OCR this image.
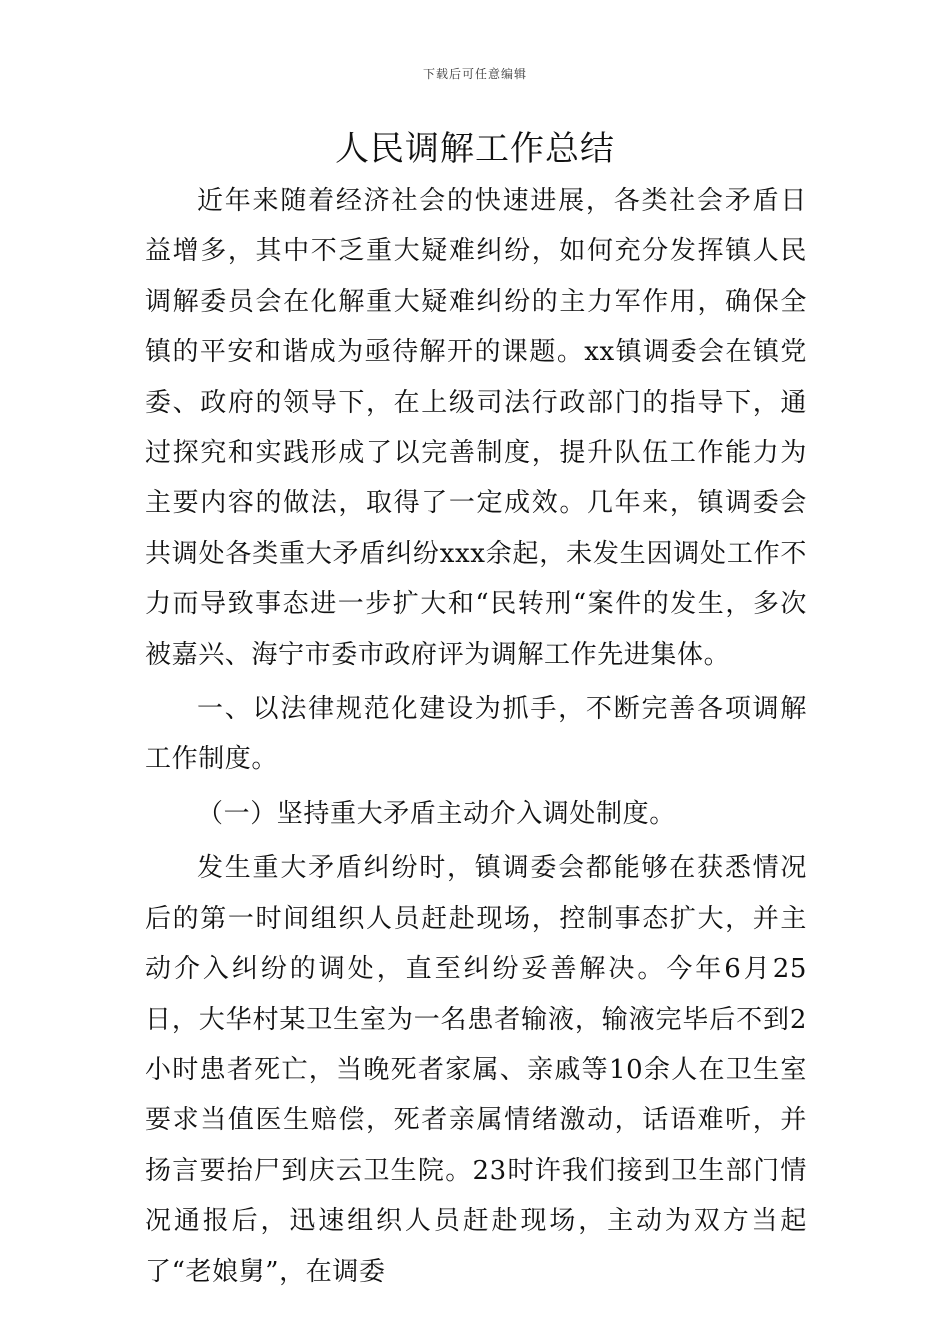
下载后可任意编辑
人民调解工作总结

近年来随着经济社会的快速进展，各类社会矛盾日益增多，其中不乏重大疑难纠纷，如何充分发挥镇人民调解委员会在化解重大疑难纠纷的主力军作用，确保全镇的平安和谐成为亟待解开的课题。xx镇调委会在镇党委、政府的领导下，在上级司法行政部门的指导下，通过探究和实践形成了以完善制度，提升队伍工作能力为主要内容的做法，取得了一定成效。几年来，镇调委会共调处各类重大矛盾纠纷xxx余起，未发生因调处工作不力而导致事态进一步扩大和“民转刑“案件的发生，多次被嘉兴、海宁市委市政府评为调解工作先进集体。

一、以法律规范化建设为抓手，不断完善各项调解工作制度。

（一）坚持重大矛盾主动介入调处制度。

发生重大矛盾纠纷时，镇调委会都能够在获悉情况后的第一时间组织人员赶赴现场，控制事态扩大，并主动介入纠纷的调处，直至纠纷妥善解决。今年6月25日，大华村某卫生室为一名患者输液，输液完毕后不到2小时患者死亡，当晚死者家属、亲戚等10余人在卫生室要求当值医生赔偿，死者亲属情绪激动，话语难听，并扬言要抬尸到庆云卫生院。23时许我们接到卫生部门情况通报后，迅速组织人员赶赴现场，主动为双方当起了“老娘舅”，在调委
